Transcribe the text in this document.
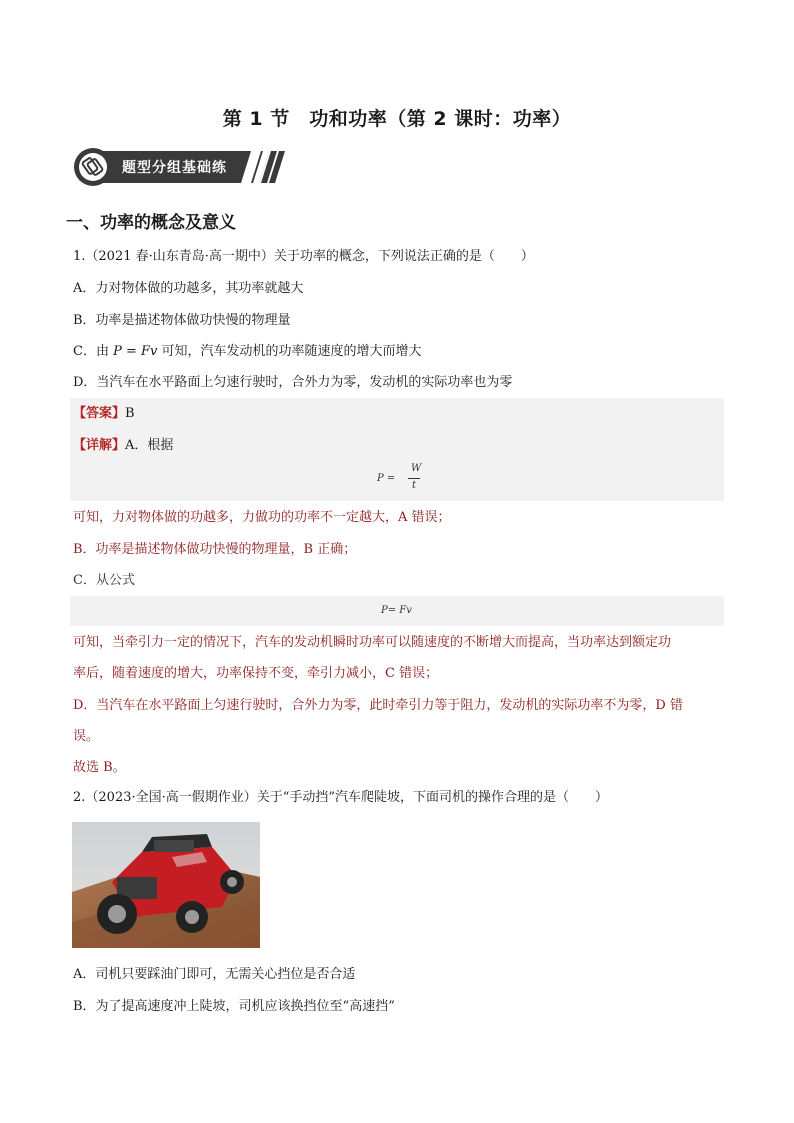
第 1 节　功和功率（第 2 课时：功率）
题型分组基础练
一、功率的概念及意义
1.（2021 春·山东青岛·高一期中）关于功率的概念，下列说法正确的是（　　）
A．力对物体做的功越多，其功率就越大
B．功率是描述物体做功快慢的物理量
C．由 P = Fv 可知，汽车发动机的功率随速度的增大而增大
D．当汽车在水平路面上匀速行驶时，合外力为零，发动机的实际功率也为零
【答案】B
【详解】A．根据
P =
W
t
可知，力对物体做的功越多，力做功的功率不一定越大，A 错误；
B．功率是描述物体做功快慢的物理量，B 正确；
C．从公式
P= Fv
可知，当牵引力一定的情况下，汽车的发动机瞬时功率可以随速度的不断增大而提高，当功率达到额定功
率后，随着速度的增大，功率保持不变，牵引力减小，C 错误；
D．当汽车在水平路面上匀速行驶时，合外力为零，此时牵引力等于阻力，发动机的实际功率不为零，D 错
误。
故选 B。
2.（2023·全国·高一假期作业）关于“手动挡”汽车爬陡坡，下面司机的操作合理的是（　　）
A．司机只要踩油门即可，无需关心挡位是否合适
B．为了提高速度冲上陡坡，司机应该换挡位至“高速挡”
